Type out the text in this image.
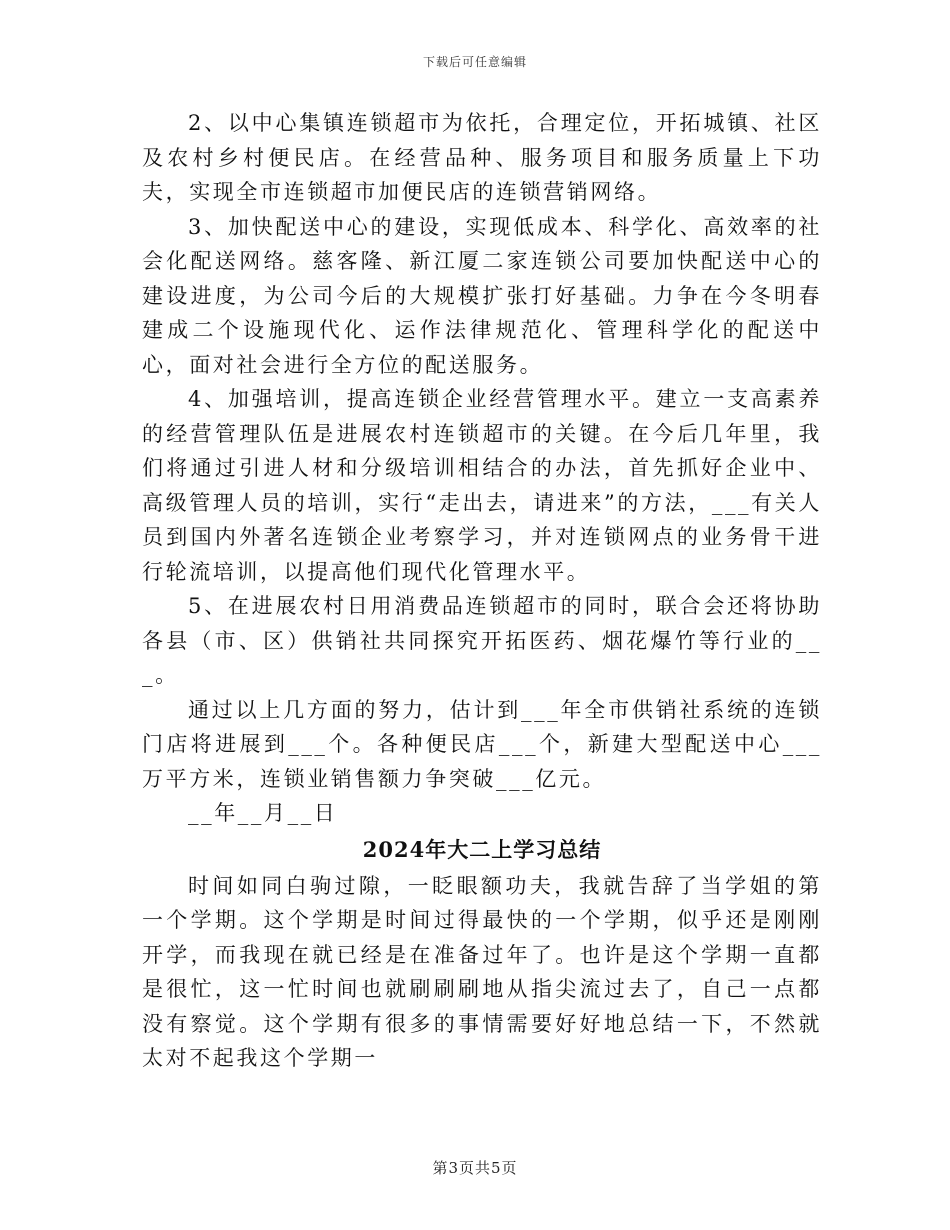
下载后可任意编辑

2、以中心集镇连锁超市为依托，合理定位，开拓城镇、社区及农村乡村便民店。在经营品种、服务项目和服务质量上下功夫，实现全市连锁超市加便民店的连锁营销网络。

3、加快配送中心的建设，实现低成本、科学化、高效率的社会化配送网络。慈客隆、新江厦二家连锁公司要加快配送中心的建设进度，为公司今后的大规模扩张打好基础。力争在今冬明春建成二个设施现代化、运作法律规范化、管理科学化的配送中心，面对社会进行全方位的配送服务。

4、加强培训，提高连锁企业经营管理水平。建立一支高素养的经营管理队伍是进展农村连锁超市的关键。在今后几年里，我们将通过引进人材和分级培训相结合的办法，首先抓好企业中、高级管理人员的培训，实行“走出去，请进来”的方法，___有关人员到国内外著名连锁企业考察学习，并对连锁网点的业务骨干进行轮流培训，以提高他们现代化管理水平。

5、在进展农村日用消费品连锁超市的同时，联合会还将协助各县（市、区）供销社共同探究开拓医药、烟花爆竹等行业的___。

通过以上几方面的努力，估计到___年全市供销社系统的连锁门店将进展到___个。各种便民店___个，新建大型配送中心___万平方米，连锁业销售额力争突破___亿元。

__年__月__日

2024年大二上学习总结

时间如同白驹过隙，一眨眼额功夫，我就告辞了当学姐的第一个学期。这个学期是时间过得最快的一个学期，似乎还是刚刚开学，而我现在就已经是在准备过年了。也许是这个学期一直都是很忙，这一忙时间也就刷刷刷地从指尖流过去了，自己一点都没有察觉。这个学期有很多的事情需要好好地总结一下，不然就太对不起我这个学期一

第3页共5页
